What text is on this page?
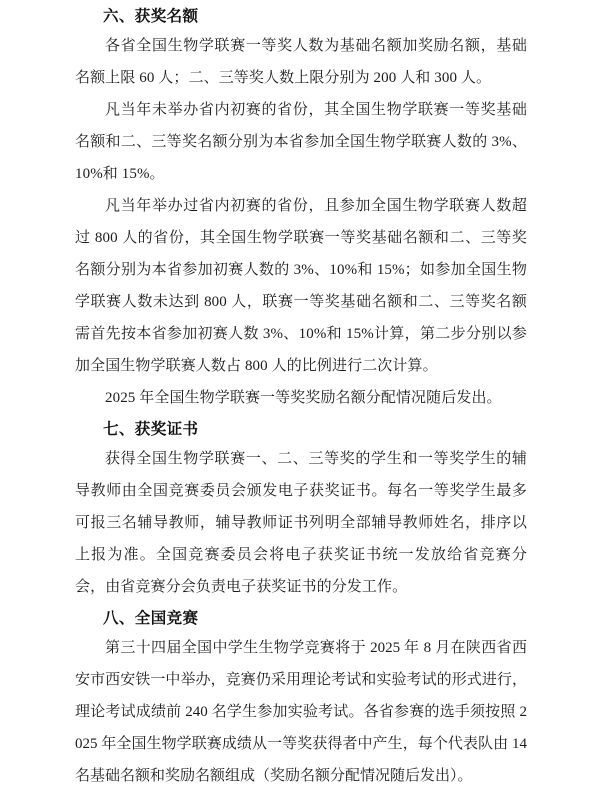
六、获奖名额

各省全国生物学联赛一等奖人数为基础名额加奖励名额，基础名额上限 60 人；二、三等奖人数上限分别为 200 人和 300 人。

凡当年未举办省内初赛的省份，其全国生物学联赛一等奖基础名额和二、三等奖名额分别为本省参加全国生物学联赛人数的 3%、10%和 15%。

凡当年举办过省内初赛的省份，且参加全国生物学联赛人数超过 800 人的省份，其全国生物学联赛一等奖基础名额和二、三等奖名额分别为本省参加初赛人数的 3%、10%和 15%；如参加全国生物学联赛人数未达到 800 人，联赛一等奖基础名额和二、三等奖名额需首先按本省参加初赛人数 3%、10%和 15%计算，第二步分别以参加全国生物学联赛人数占 800 人的比例进行二次计算。

2025 年全国生物学联赛一等奖奖励名额分配情况随后发出。

七、获奖证书

获得全国生物学联赛一、二、三等奖的学生和一等奖学生的辅导教师由全国竞赛委员会颁发电子获奖证书。每名一等奖学生最多可报三名辅导教师，辅导教师证书列明全部辅导教师姓名，排序以上报为准。全国竞赛委员会将电子获奖证书统一发放给省竞赛分会，由省竞赛分会负责电子获奖证书的分发工作。

八、全国竞赛

第三十四届全国中学生生物学竞赛将于 2025 年 8 月在陕西省西安市西安铁一中举办，竞赛仍采用理论考试和实验考试的形式进行，理论考试成绩前 240 名学生参加实验考试。各省参赛的选手须按照 2025 年全国生物学联赛成绩从一等奖获得者中产生，每个代表队由 14 名基础名额和奖励名额组成（奖励名额分配情况随后发出）。
